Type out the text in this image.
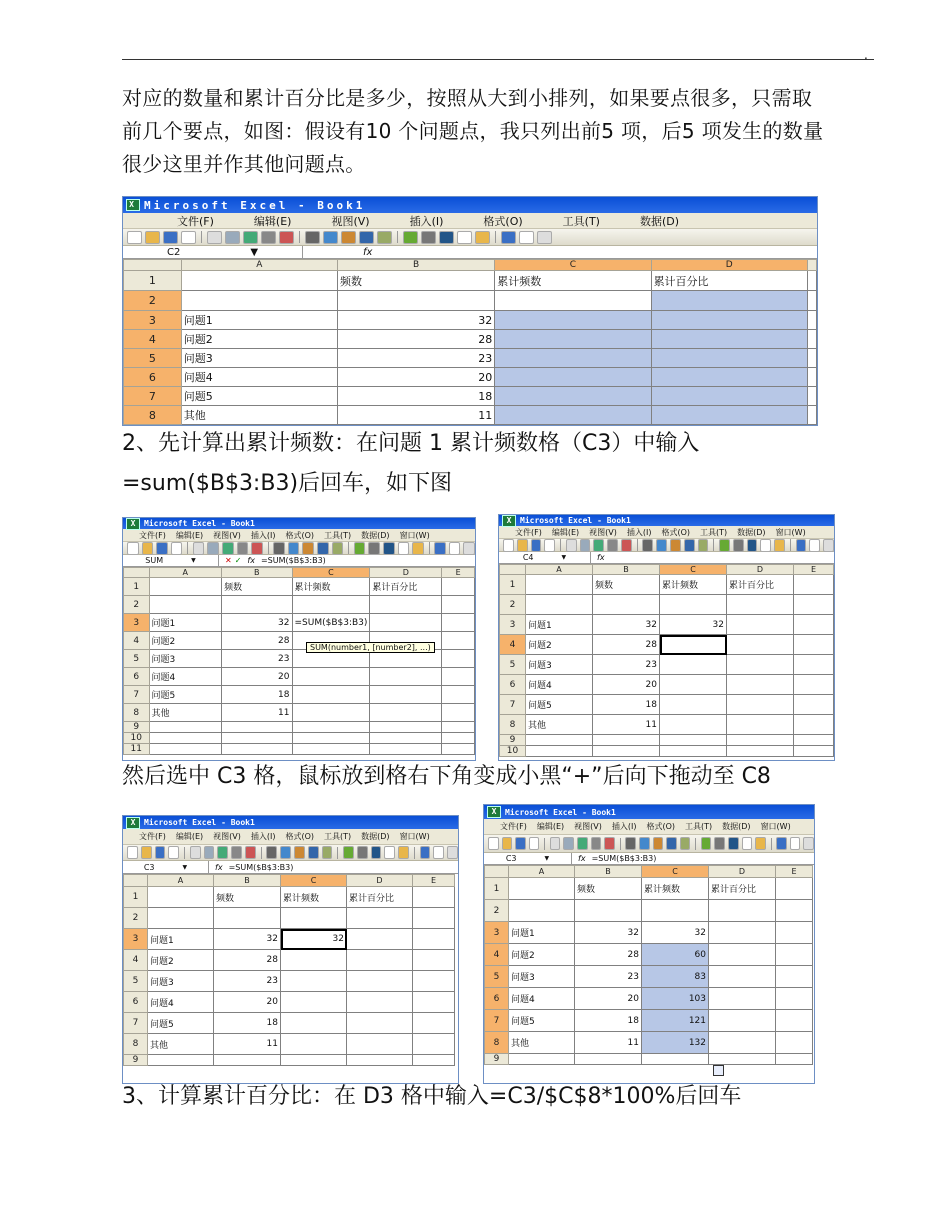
.
对应的数量和累计百分比是多少，按照从大到小排列，如果要点很多，只需取
前几个要点，如图：假设有10 个问题点，我只列出前5 项，后5 项发生的数量
很少这里并作其他问题点。
X Microsoft Excel - Book1
文件(F)	编辑(E)	视图(V)	插入(I)	格式(O)	工具(T)	数据(D)
C2	▼	fx
	A	B	C	D	
1		频数	累计频数	累计百分比	
2					
3	问题1	32			
4	问题2	28			
5	问题3	23			
6	问题4	20			
7	问题5	18			
8	其他	11			
2、先计算出累计频数：在问题 1 累计频数格（C3）中输入
=sum($B$3:B3)后回车，如下图
X	Microsoft Excel - Book1
文件(F) 编辑(E) 视图(V) 插入(I) 格式(O) 工具(T) 数据(D) 窗口(W)
SUM	▼	✕ ✓ fx =SUM($B$3:B3)
	A	B	C	D	E
1		频数	累计频数	累计百分比	
2					
3	问题1	32	=SUM($B$3:B3)		
4	问题2	28			
5	问题3	23			
6	问题4	20			
7	问题5	18			
8	其他	11			
9					
10					
11					
X	Microsoft Excel - Book1
文件(F) 编辑(E) 视图(V) 插入(I) 格式(O) 工具(T) 数据(D) 窗口(W)
C4	▼	fx
	A	B	C	D	E
1		频数	累计频数	累计百分比	
2					
3	问题1	32	32		
4	问题2	28			
5	问题3	23			
6	问题4	20			
7	问题5	18			
8	其他	11			
9					
10					
然后选中 C3 格，鼠标放到格右下角变成小黑“+”后向下拖动至 C8
X	Microsoft Excel - Book1
文件(F) 编辑(E) 视图(V) 插入(I) 格式(O) 工具(T) 数据(D) 窗口(W)
C3	▼	fx =SUM($B$3:B3)
	A	B	C	D	E
1		频数	累计频数	累计百分比	
2					
3	问题1	32	32		
4	问题2	28			
5	问题3	23			
6	问题4	20			
7	问题5	18			
8	其他	11			
9					
X	Microsoft Excel - Book1
文件(F) 编辑(E) 视图(V) 插入(I) 格式(O) 工具(T) 数据(D) 窗口(W)
C3	▼	fx =SUM($B$3:B3)
	A	B	C	D	E
1		频数	累计频数	累计百分比	
2					
3	问题1	32	32		
4	问题2	28	60		
5	问题3	23	83		
6	问题4	20	103		
7	问题5	18	121		
8	其他	11	132		
9					
3、计算累计百分比：在 D3 格中输入=C3/$C$8*100%后回车
SUM(number1, [number2], ...)
